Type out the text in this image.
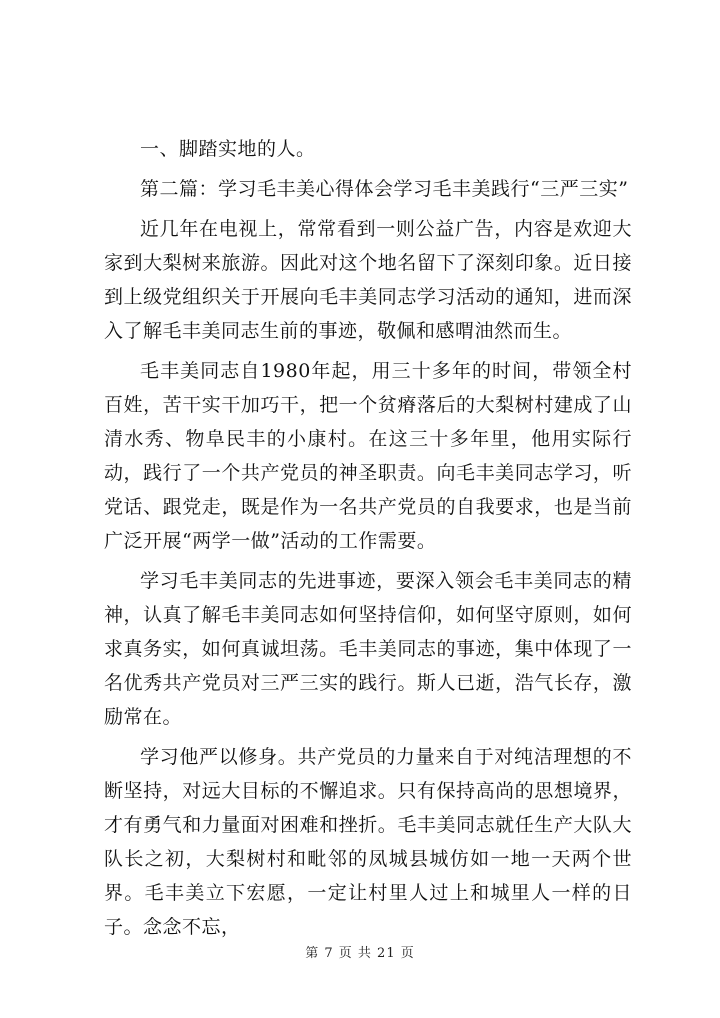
一、脚踏实地的人。

第二篇：学习毛丰美心得体会学习毛丰美践行“三严三实”

近几年在电视上，常常看到一则公益广告，内容是欢迎大家到大梨树来旅游。因此对这个地名留下了深刻印象。近日接到上级党组织关于开展向毛丰美同志学习活动的通知，进而深入了解毛丰美同志生前的事迹，敬佩和感喟油然而生。

毛丰美同志自1980年起，用三十多年的时间，带领全村百姓，苦干实干加巧干，把一个贫瘠落后的大梨树村建成了山清水秀、物阜民丰的小康村。在这三十多年里，他用实际行动，践行了一个共产党员的神圣职责。向毛丰美同志学习，听党话、跟党走，既是作为一名共产党员的自我要求，也是当前广泛开展“两学一做”活动的工作需要。

学习毛丰美同志的先进事迹，要深入领会毛丰美同志的精神，认真了解毛丰美同志如何坚持信仰，如何坚守原则，如何求真务实，如何真诚坦荡。毛丰美同志的事迹，集中体现了一名优秀共产党员对三严三实的践行。斯人已逝，浩气长存，激励常在。

学习他严以修身。共产党员的力量来自于对纯洁理想的不断坚持，对远大目标的不懈追求。只有保持高尚的思想境界，才有勇气和力量面对困难和挫折。毛丰美同志就任生产大队大队长之初，大梨树村和毗邻的凤城县城仿如一地一天两个世界。毛丰美立下宏愿，一定让村里人过上和城里人一样的日子。念念不忘，

第 7 页 共 21 页
